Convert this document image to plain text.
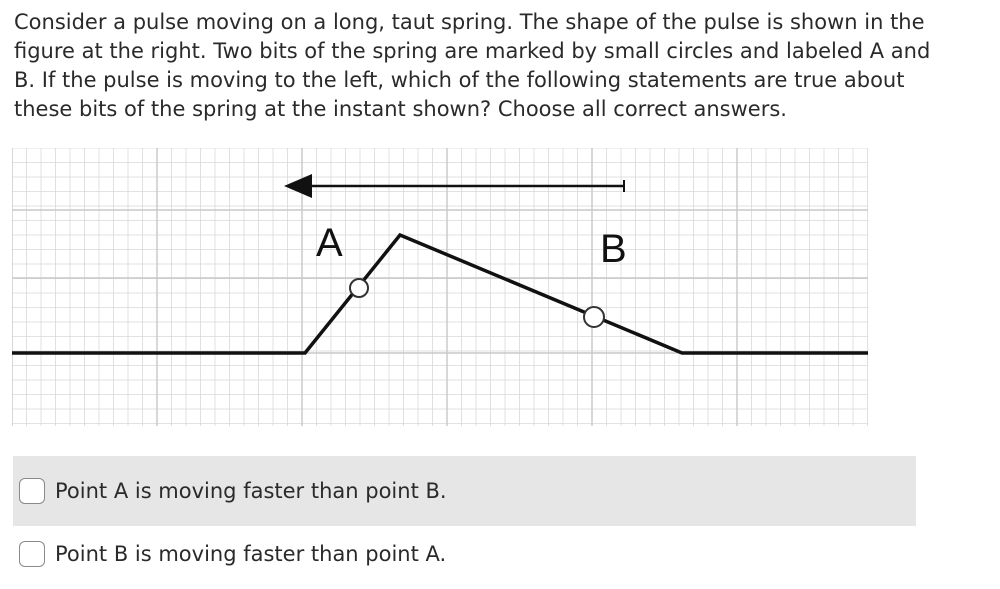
Consider a pulse moving on a long, taut spring. The shape of the pulse is shown in the figure at the right. Two bits of the spring are marked by small circles and labeled A and B. If the pulse is moving to the left, which of the following statements are true about these bits of the spring at the instant shown? Choose all correct answers.

A	B
Point A is moving faster than point B.
Point B is moving faster than point A.
